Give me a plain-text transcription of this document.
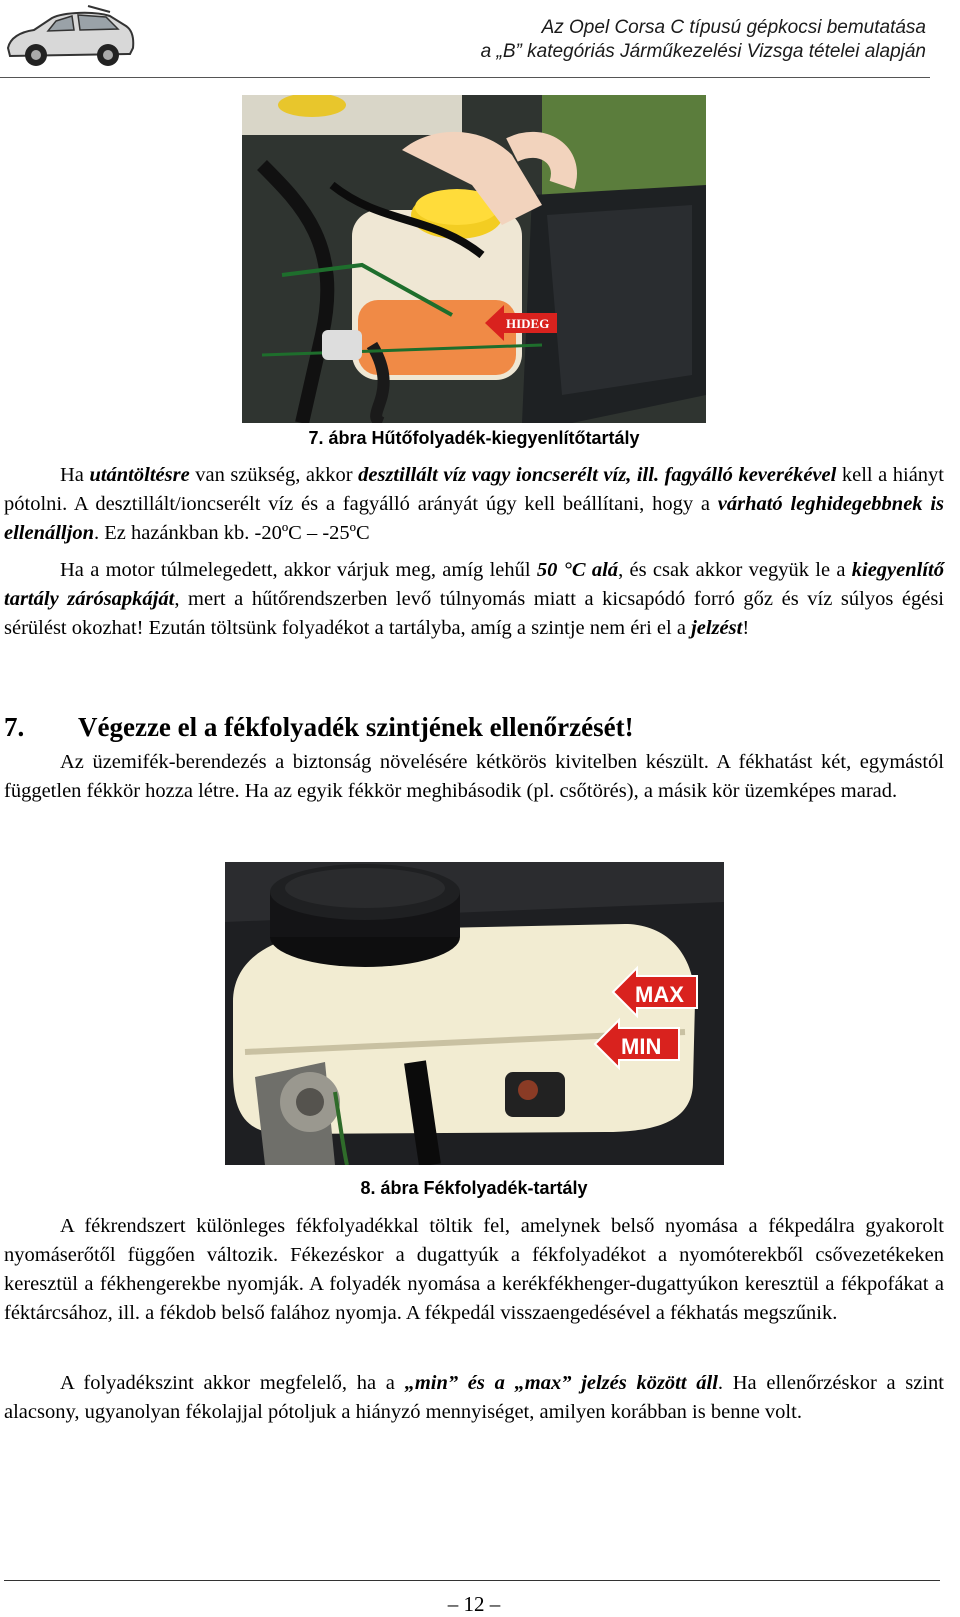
Az Opel Corsa C típusú gépkocsi bemutatása
a „B” kategóriás Járműkezelési Vizsga tételei alapján
HIDEG
7. ábra Hűtőfolyadék-kiegyenlítőtartály

Ha utántöltésre van szükség, akkor desztillált víz vagy ioncserélt víz, ill. fagyálló keverékével kell a hiányt pótolni. A desztillált/ioncserélt víz és a fagyálló arányát úgy kell beállítani, hogy a várható leghidegebbnek is ellenálljon. Ez hazánkban kb. -20ºC – -25ºC

Ha a motor túlmelegedett, akkor várjuk meg, amíg lehűl 50 °C alá, és csak akkor vegyük le a kiegyenlítő tartály zárósapkáját, mert a hűtőrendszerben levő túlnyomás miatt a kicsapódó forró gőz és víz súlyos égési sérülést okozhat! Ezután töltsünk folyadékot a tartályba, amíg a szintje nem éri el a jelzést!

7. Végezze el a fékfolyadék szintjének ellenőrzését!

Az üzemifék-berendezés a biztonság növelésére kétkörös kivitelben készült. A fékhatást két, egymástól független fékkör hozza létre. Ha az egyik fékkör meghibásodik (pl. csőtörés), a másik kör üzemképes marad.

MAX
MIN
8. ábra Fékfolyadék-tartály

A fékrendszert különleges fékfolyadékkal töltik fel, amelynek belső nyomása a fékpedálra gyakorolt nyomáserőtől függően változik. Fékezéskor a dugattyúk a fékfolyadékot a nyomóterekből csővezetékeken keresztül a fékhengerekbe nyomják. A folyadék nyomása a kerékfékhenger-dugattyúkon keresztül a fékpofákat a féktárcsához, ill. a fékdob belső falához nyomja. A fékpedál visszaengedésével a fékhatás megszűnik.

A folyadékszint akkor megfelelő, ha a „min” és a „max” jelzés között áll. Ha ellenőrzéskor a szint alacsony, ugyanolyan fékolajjal pótoljuk a hiányzó mennyiséget, amilyen korábban is benne volt.

– 12 –
